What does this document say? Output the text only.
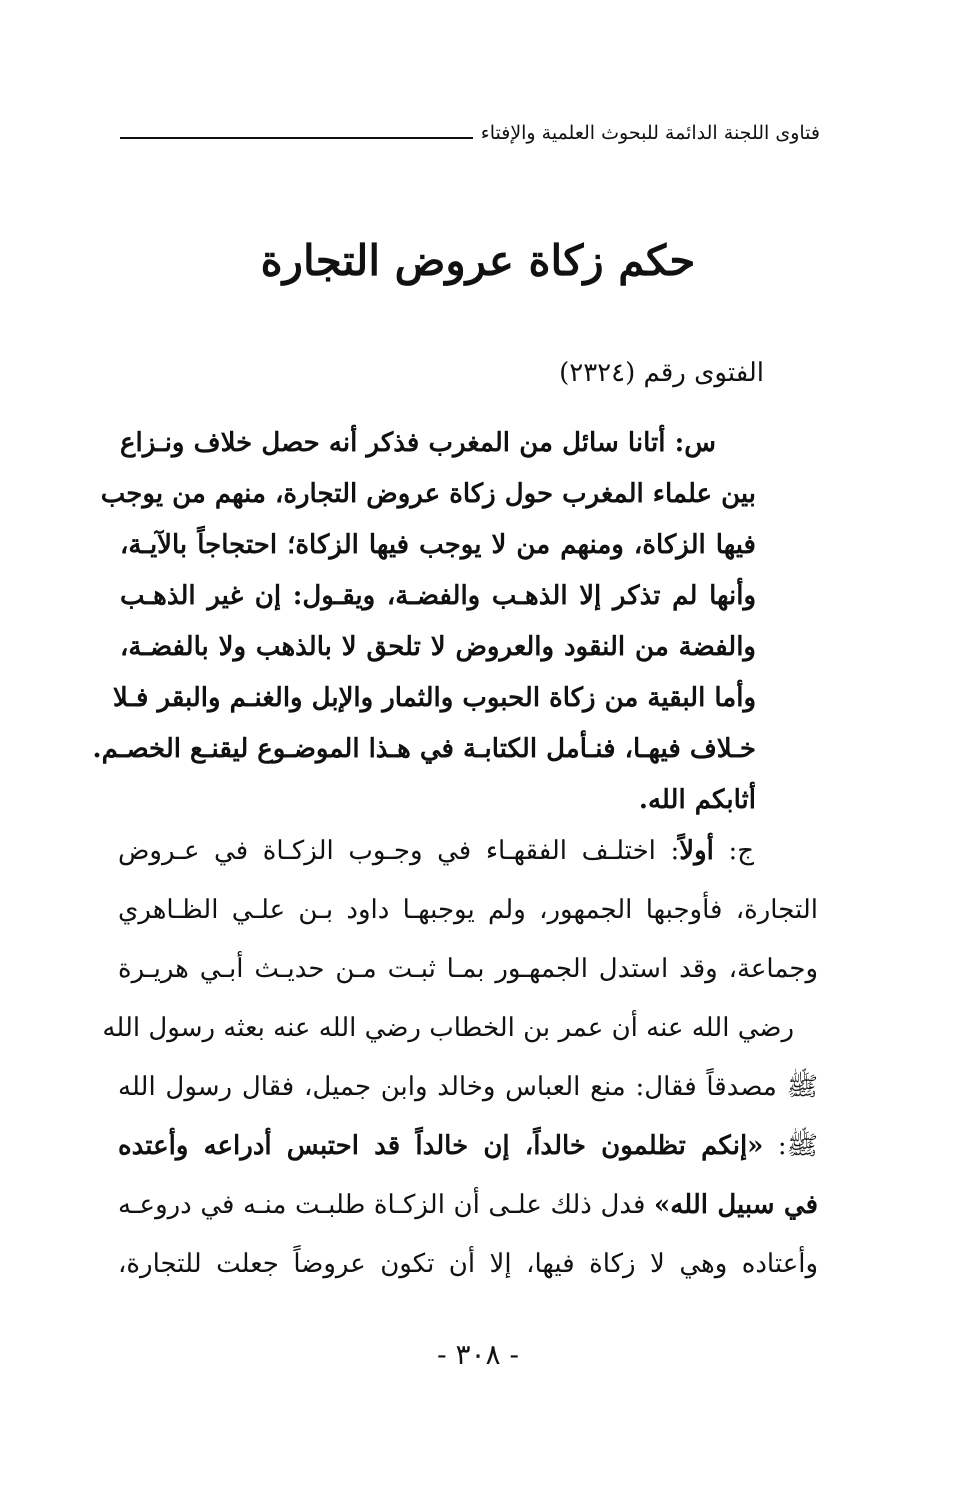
فتاوى اللجنة الدائمة للبحوث العلمية والإفتاء
حكم زكاة عروض التجارة
الفتوى رقم (٢٣٢٤)
س: أتانا سائل من المغرب فذكر أنه حصل خلاف ونـزاع
بين علماء المغرب حول زكاة عروض التجارة، منهم من يوجب
فيها الزكاة، ومنهم من لا يوجب فيها الزكاة؛ احتجاجاً بالآيـة،
وأنها لم تذكر إلا الذهـب والفضـة، ويقـول: إن غير الذهـب
والفضة من النقود والعروض لا تلحق لا بالذهب ولا بالفضـة،
وأما البقية من زكاة الحبوب والثمار والإبل والغنـم والبقر فـلا
خـلاف فيهـا، فنـأمل الكتابـة في هـذا الموضـوع ليقنـع الخصـم.
أثابكم الله.
ج: أولاً: اختلـف الفقهـاء في وجـوب الزكـاة في عـروض
التجارة، فأوجبها الجمهور، ولم يوجبهـا داود بـن علـي الظـاهري
وجماعة، وقد استدل الجمهـور بمـا ثبـت مـن حديـث أبـي هريـرة
رضي الله عنه أن عمر بن الخطاب رضي الله عنه بعثه رسول الله
ﷺ مصدقاً فقال: منع العباس وخالد وابن جميل، فقال رسول الله
ﷺ: «إنكم تظلمون خالداً، إن خالداً قد احتبس أدراعه وأعتده
في سبيل الله» فدل ذلك علـى أن الزكـاة طلبـت منـه في دروعـه
وأعتاده وهي لا زكاة فيها، إلا أن تكون عروضاً جعلت للتجارة،
- ٣٠٨ -
